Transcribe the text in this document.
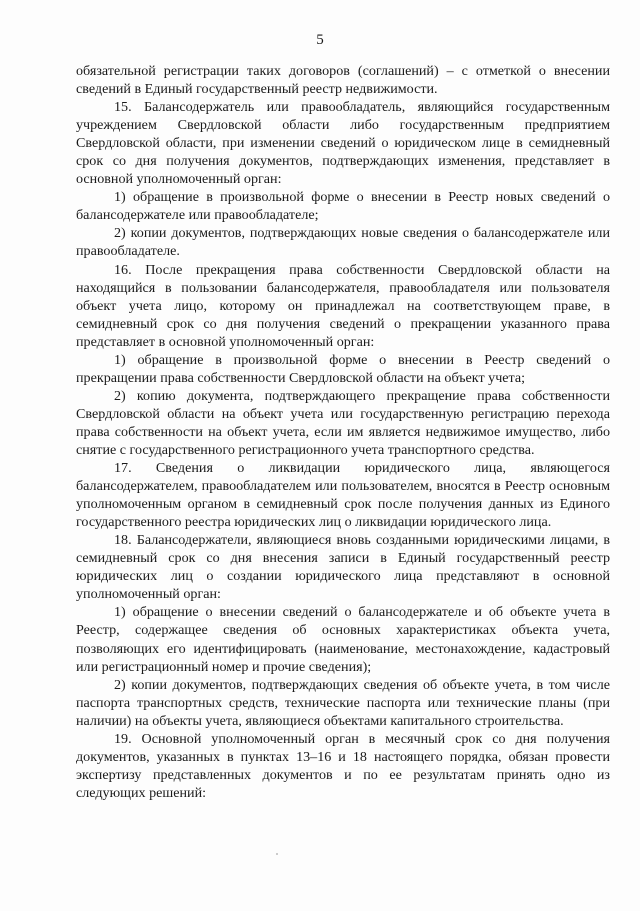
5

обязательной регистрации таких договоров (соглашений) – с отметкой о внесении сведений в Единый государственный реестр недвижимости.

15. Балансодержатель или правообладатель, являющийся государственным учреждением Свердловской области либо государственным предприятием Свердловской области, при изменении сведений о юридическом лице в семидневный срок со дня получения документов, подтверждающих изменения, представляет в основной уполномоченный орган:

1) обращение в произвольной форме о внесении в Реестр новых сведений о балансодержателе или правообладателе;

2) копии документов, подтверждающих новые сведения о балансодержателе или правообладателе.

16. После прекращения права собственности Свердловской области на находящийся в пользовании балансодержателя, правообладателя или пользователя объект учета лицо, которому он принадлежал на соответствующем праве, в семидневный срок со дня получения сведений о прекращении указанного права представляет в основной уполномоченный орган:

1) обращение в произвольной форме о внесении в Реестр сведений о прекращении права собственности Свердловской области на объект учета;

2) копию документа, подтверждающего прекращение права собственности Свердловской области на объект учета или государственную регистрацию перехода права собственности на объект учета, если им является недвижимое имущество, либо снятие с государственного регистрационного учета транспортного средства.

17. Сведения о ликвидации юридического лица, являющегося балансодержателем, правообладателем или пользователем, вносятся в Реестр основным уполномоченным органом в семидневный срок после получения данных из Единого государственного реестра юридических лиц о ликвидации юридического лица.

18. Балансодержатели, являющиеся вновь созданными юридическими лицами, в семидневный срок со дня внесения записи в Единый государственный реестр юридических лиц о создании юридического лица представляют в основной уполномоченный орган:

1) обращение о внесении сведений о балансодержателе и об объекте учета в Реестр, содержащее сведения об основных характеристиках объекта учета, позволяющих его идентифицировать (наименование, местонахождение, кадастровый или регистрационный номер и прочие сведения);

2) копии документов, подтверждающих сведения об объекте учета, в том числе паспорта транспортных средств, технические паспорта или технические планы (при наличии) на объекты учета, являющиеся объектами капитального строительства.

19. Основной уполномоченный орган в месячный срок со дня получения документов, указанных в пунктах 13–16 и 18 настоящего порядка, обязан провести экспертизу представленных документов и по ее результатам принять одно из следующих решений:
